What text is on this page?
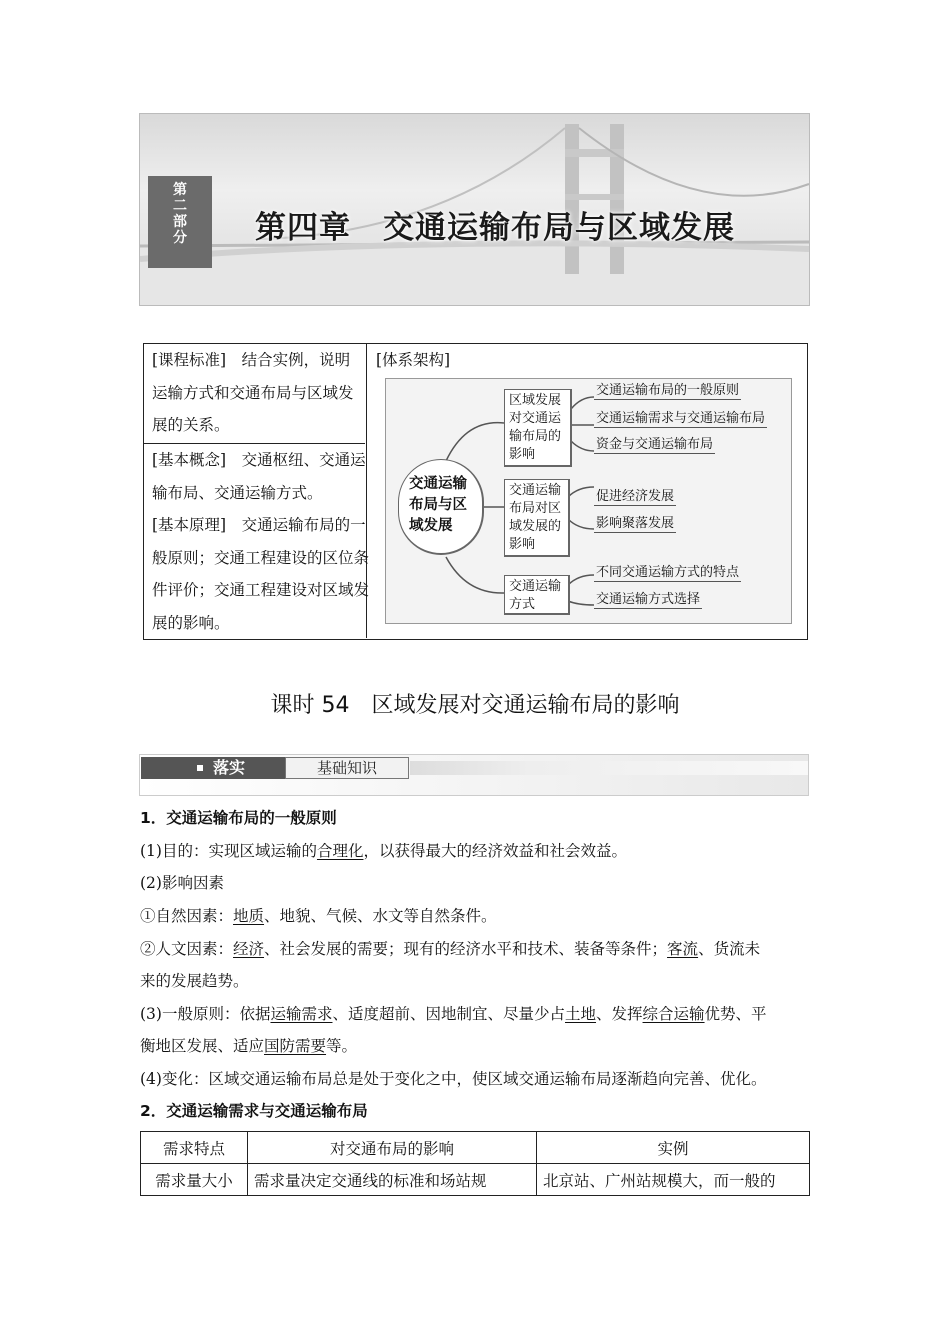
第二部分 第四章　交通运输布局与区域发展
[课程标准]　 结合实例，说明运输方式和交通布局与区域发展的关系。
[基本概念]　 交通枢纽、交通运输布局、交通运输方式。
[基本原理]　 交通运输布局的一般原则；交通工程建设的区位条件评价；交通工程建设对区域发展的影响。
[体系架构]
交通运输布局与区域发展
区域发展对交通运输布局的影响
交通运输布局对区域发展的影响
交通运输方式
交通运输布局的一般原则
交通运输需求与交通运输布局
资金与交通运输布局
促进经济发展
影响聚落发展
不同交通运输方式的特点
交通运输方式选择
课时 54　区域发展对交通运输布局的影响
落实	基础知识
1．交通运输布局的一般原则
(1)目的：实现区域运输的合理化，以获得最大的经济效益和社会效益。
(2)影响因素
①自然因素：地质、地貌、气候、水文等自然条件。
②人文因素：经济、社会发展的需要；现有的经济水平和技术、装备等条件；客流、货流未
来的发展趋势。
(3)一般原则：依据运输需求、适度超前、因地制宜、尽量少占土地、发挥综合运输优势、平
衡地区发展、适应国防需要等。
(4)变化：区域交通运输布局总是处于变化之中，使区域交通运输布局逐渐趋向完善、优化。
2．交通运输需求与交通运输布局
需求特点	对交通布局的影响	实例
需求量大小	需求量决定交通线的标准和场站规	北京站、广州站规模大，而一般的
